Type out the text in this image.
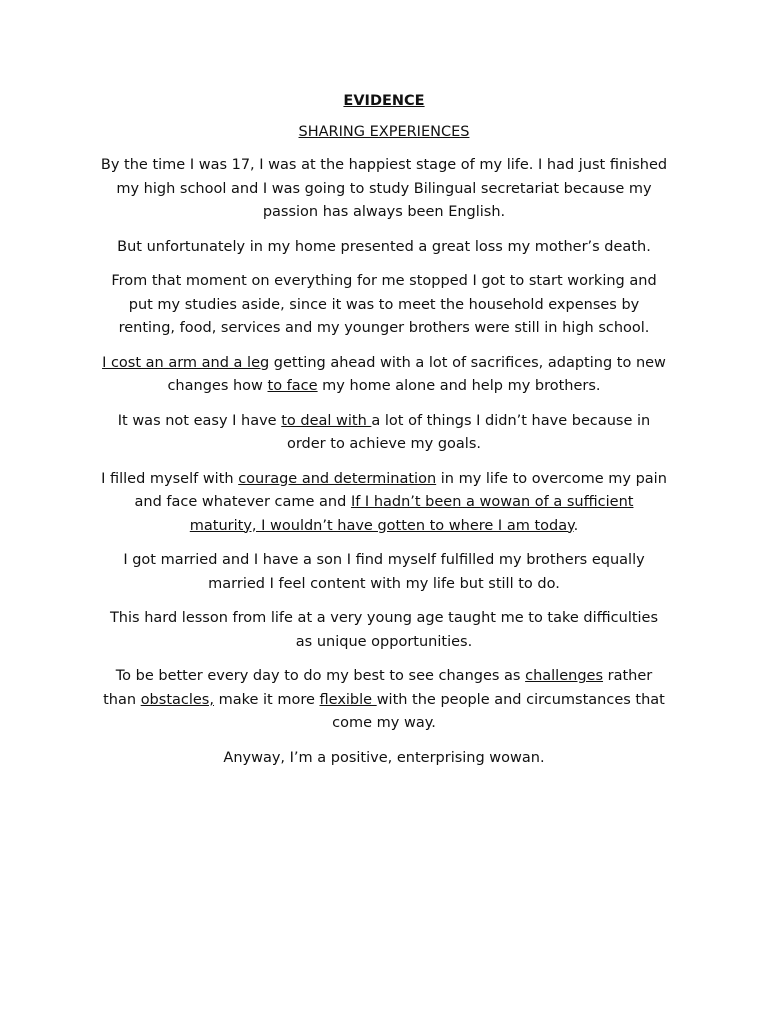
EVIDENCE
SHARING EXPERIENCES

By the time I was 17, I was at the happiest stage of my life. I had just finished my high school and I was going to study Bilingual secretariat because my passion has always been English.

But unfortunately in my home presented a great loss my mother’s death.

From that moment on everything for me stopped I got to start working and put my studies aside, since it was to meet the household expenses by renting, food, services and my younger brothers were still in high school.

I cost an arm and a leg getting ahead with a lot of sacrifices, adapting to new changes how to face my home alone and help my brothers.

It was not easy I have to deal with a lot of things I didn’t have because in order to achieve my goals.

I filled myself with courage and determination in my life to overcome my pain and face whatever came and If I hadn’t been a wowan of a sufficient maturity, I wouldn’t have gotten to where I am today.

I got married and I have a son I find myself fulfilled my brothers equally married I feel content with my life but still to do.

This hard lesson from life at a very young age taught me to take difficulties as unique opportunities.

To be better every day to do my best to see changes as challenges rather than obstacles, make it more flexible with the people and circumstances that come my way.

Anyway, I’m a positive, enterprising wowan.
